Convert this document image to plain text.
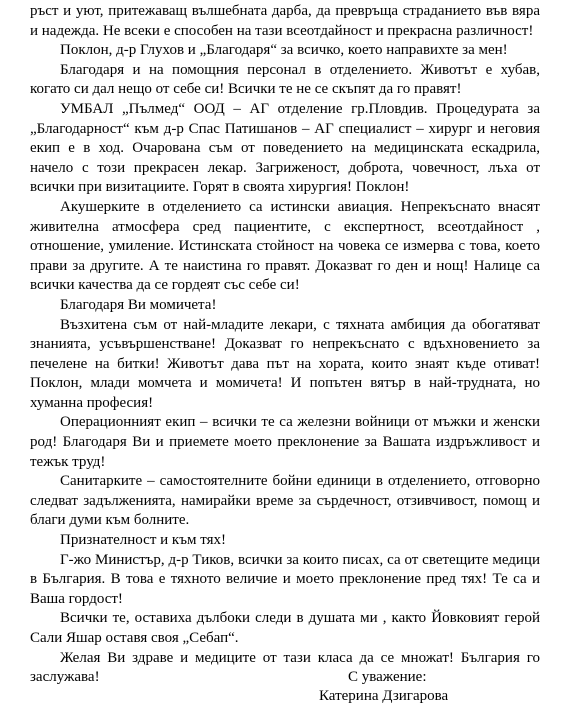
ръст и уют, притежаващ вълшебната дарба, да превръща страданието във вяра и надежда. Не всеки е способен на тази всеотдайност и прекрасна различност!

Поклон, д-р Глухов и „Благодаря“ за всичко, което направихте за мен!

Благодаря и на помощния персонал в отделението. Животът е хубав, когато си дал нещо от себе си! Всички те не се скъпят да го правят!

УМБАЛ „Пълмед“ ООД – АГ отделение гр.Пловдив. Процедурата за „Благодарност“ към д-р Спас Патишанов – АГ специалист – хирург и неговия екип е в ход. Очарована съм от поведението на медицинската ескадрила, начело с този прекрасен лекар. Загриженост, доброта, човечност, лъха от всички при визитациите. Горят в своята хирургия! Поклон!

Акушерките в отделението са истински авиация. Непрекъснато внасят живителна атмосфера сред пациентите, с експертност, всеотдайност , отношение, умиление. Истинската стойност на човека се измерва с това, което прави за другите. А те наистина го правят. Доказват го ден и нощ! Налице са всички качества да се гордеят със себе си!

Благодаря Ви момичета!

Възхитена съм от най-младите лекари, с тяхната амбиция да обогатяват знанията, усъвършенстване! Доказват го непрекъснато с вдъхновението за печелене на битки! Животът дава път на хората, които знаят къде отиват! Поклон, млади момчета и момичета! И попътен вятър в най-трудната, но хуманна професия!

Операционният екип – всички те са железни войници от мъжки и женски род! Благодаря Ви и приемете моето преклонение за Вашата издръжливост и тежък труд!

Санитарките – самостоятелните бойни единици в отделението, отговорно следват задълженията, намирайки време за сърдечност, отзивчивост, помощ и благи думи към болните.

Признателност и към тях!

Г-жо Министър, д-р Тиков, всички за които писах, са от светещите медици в България. В това е тяхното величие и моето преклонение пред тях! Те са и Ваша гордост!

Всички те, оставиха дълбоки следи в душата ми , както Йовковият герой Сали Яшар оставя своя „Себап“.

Желая Ви здраве и медиците от тази класа да се множат! България го заслужава!	С уважение:
Катерина Дзигарова
